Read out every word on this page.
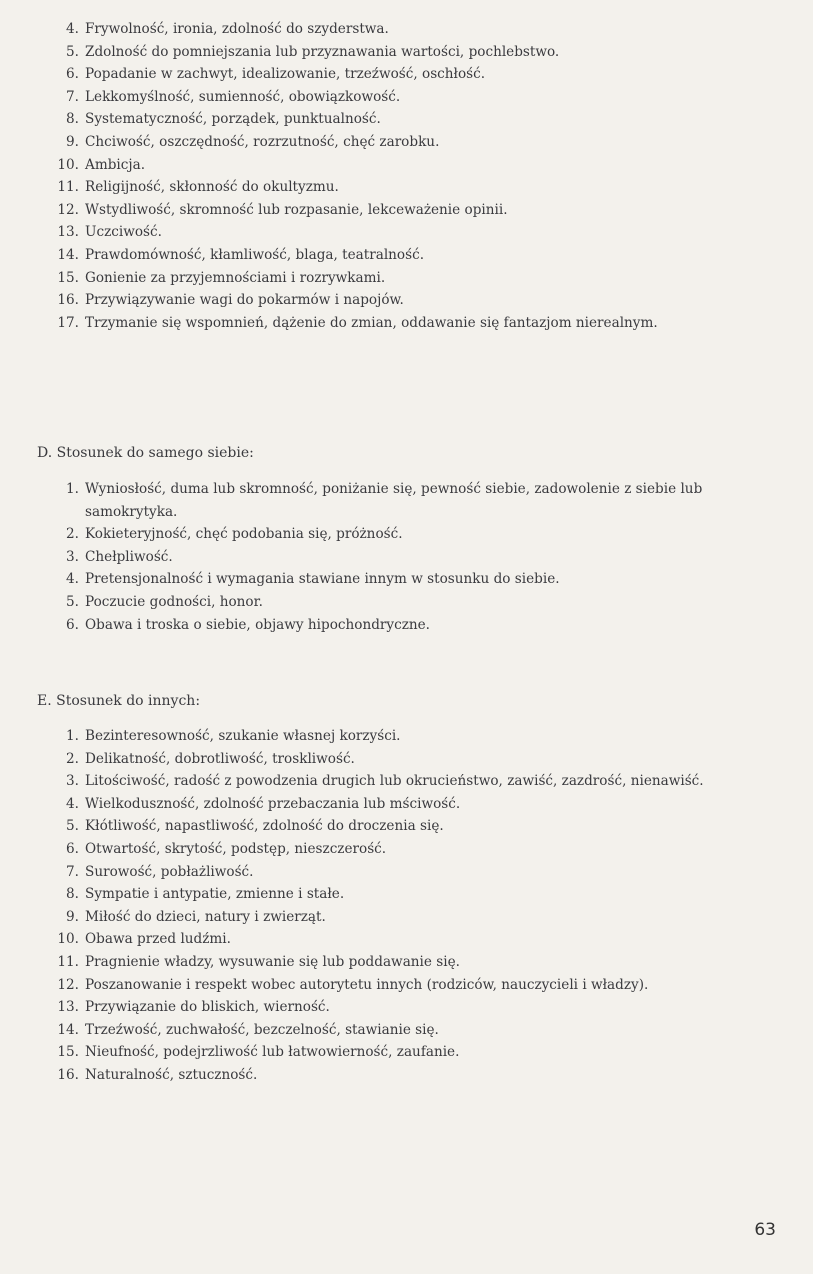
4. Frywolność, ironia, zdolność do szyderstwa.
5. Zdolność do pomniejszania lub przyznawania wartości, pochlebstwo.
6. Popadanie w zachwyt, idealizowanie, trzeźwość, oschłość.
7. Lekkomyślność, sumienność, obowiązkowość.
8. Systematyczność, porządek, punktualność.
9. Chciwość, oszczędność, rozrzutność, chęć zarobku.
10. Ambicja.
11. Religijność, skłonność do okultyzmu.
12. Wstydliwość, skromność lub rozpasanie, lekceważenie opinii.
13. Uczciwość.
14. Prawdomówność, kłamliwość, blaga, teatralność.
15. Gonienie za przyjemnościami i rozrywkami.
16. Przywiązywanie wagi do pokarmów i napojów.
17. Trzymanie się wspomnień, dążenie do zmian, oddawanie się fantazjom nierealnym.
D. Stosunek do samego siebie:
1. Wyniosłość, duma lub skromność, poniżanie się, pewność siebie, zadowolenie z siebie lub samokrytyka.
2. Kokieteryjność, chęć podobania się, próżność.
3. Chełpliwość.
4. Pretensjonalność i wymagania stawiane innym w stosunku do siebie.
5. Poczucie godności, honor.
6. Obawa i troska o siebie, objawy hipochondryczne.
E. Stosunek do innych:
1. Bezinteresowność, szukanie własnej korzyści.
2. Delikatność, dobrotliwość, troskliwość.
3. Litościwość, radość z powodzenia drugich lub okrucieństwo, zawiść, zazdrość, nienawiść.
4. Wielkoduszność, zdolność przebaczania lub mściwość.
5. Kłótliwość, napastliwość, zdolność do droczenia się.
6. Otwartość, skrytość, podstęp, nieszczerość.
7. Surowość, pobłażliwość.
8. Sympatie i antypatie, zmienne i stałe.
9. Miłość do dzieci, natury i zwierząt.
10. Obawa przed ludźmi.
11. Pragnienie władzy, wysuwanie się lub poddawanie się.
12. Poszanowanie i respekt wobec autorytetu innych (rodziców, nauczycieli i władzy).
13. Przywiązanie do bliskich, wierność.
14. Trzeźwość, zuchwałość, bezczelność, stawianie się.
15. Nieufność, podejrzliwość lub łatwowierność, zaufanie.
16. Naturalność, sztuczność.
63
